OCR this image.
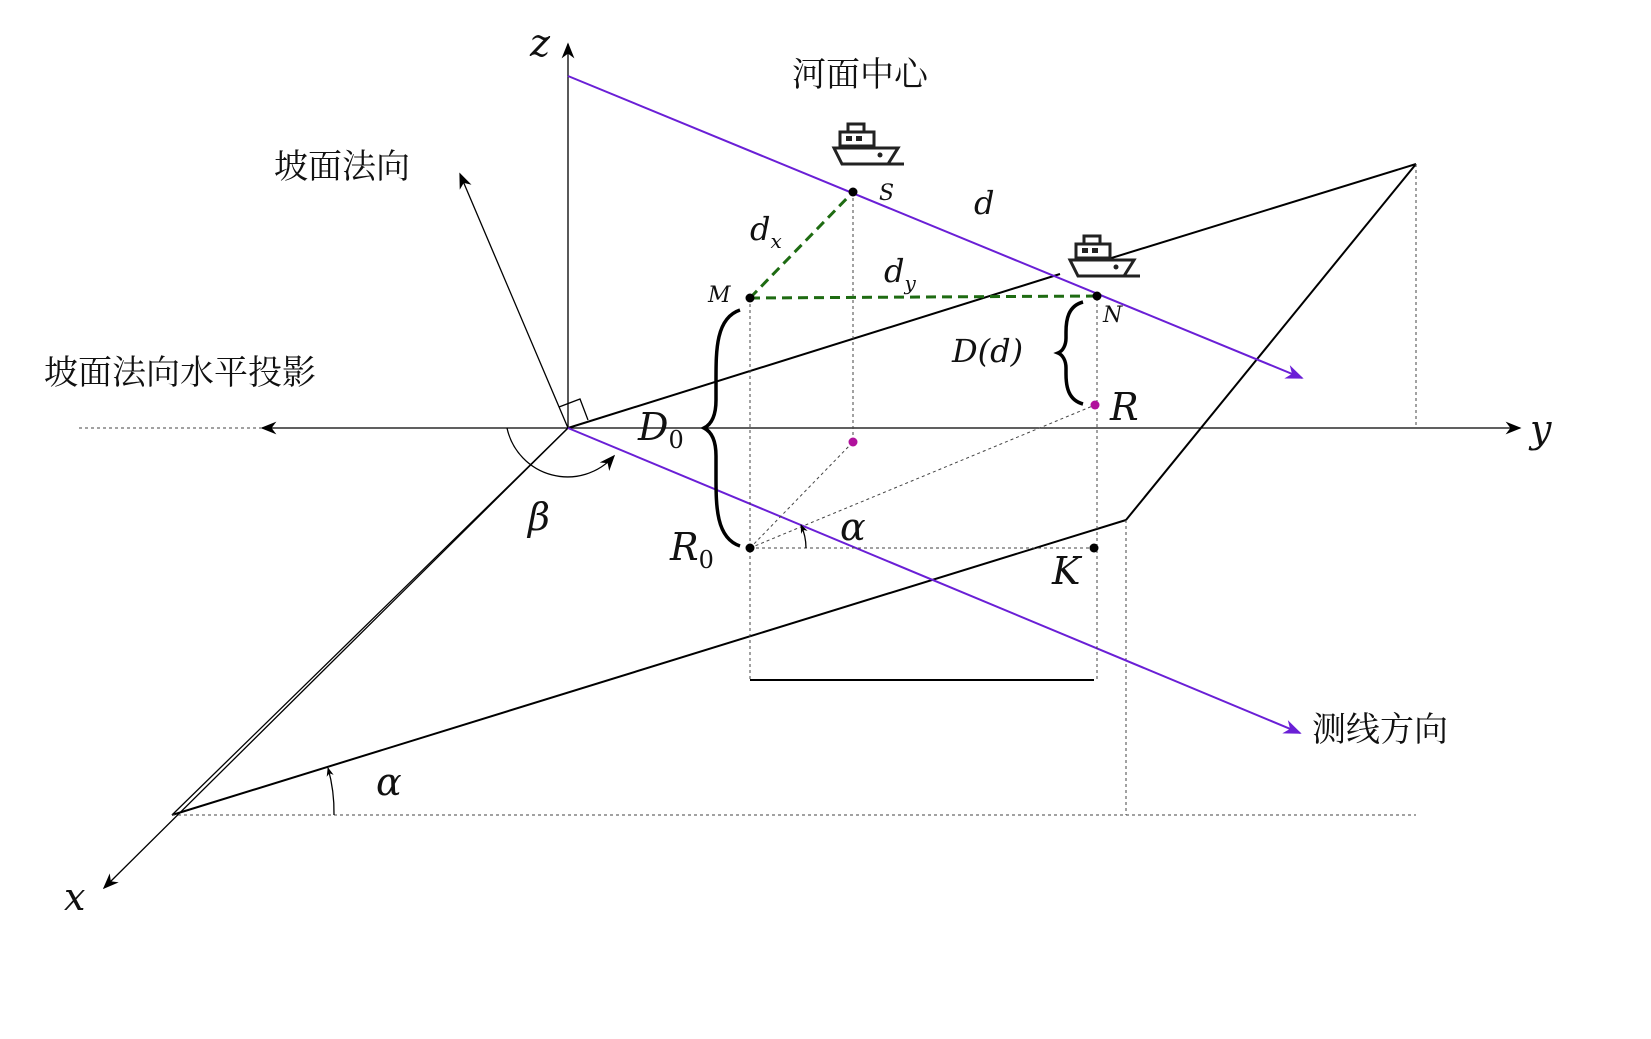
河面中心
坡面法向
坡面法向水平投影
测线方向
z
y
x
S
M
N
R
K
$R_0$
d
$d_x$
$d_y$
D(d)
$D_0$
β	α
α
